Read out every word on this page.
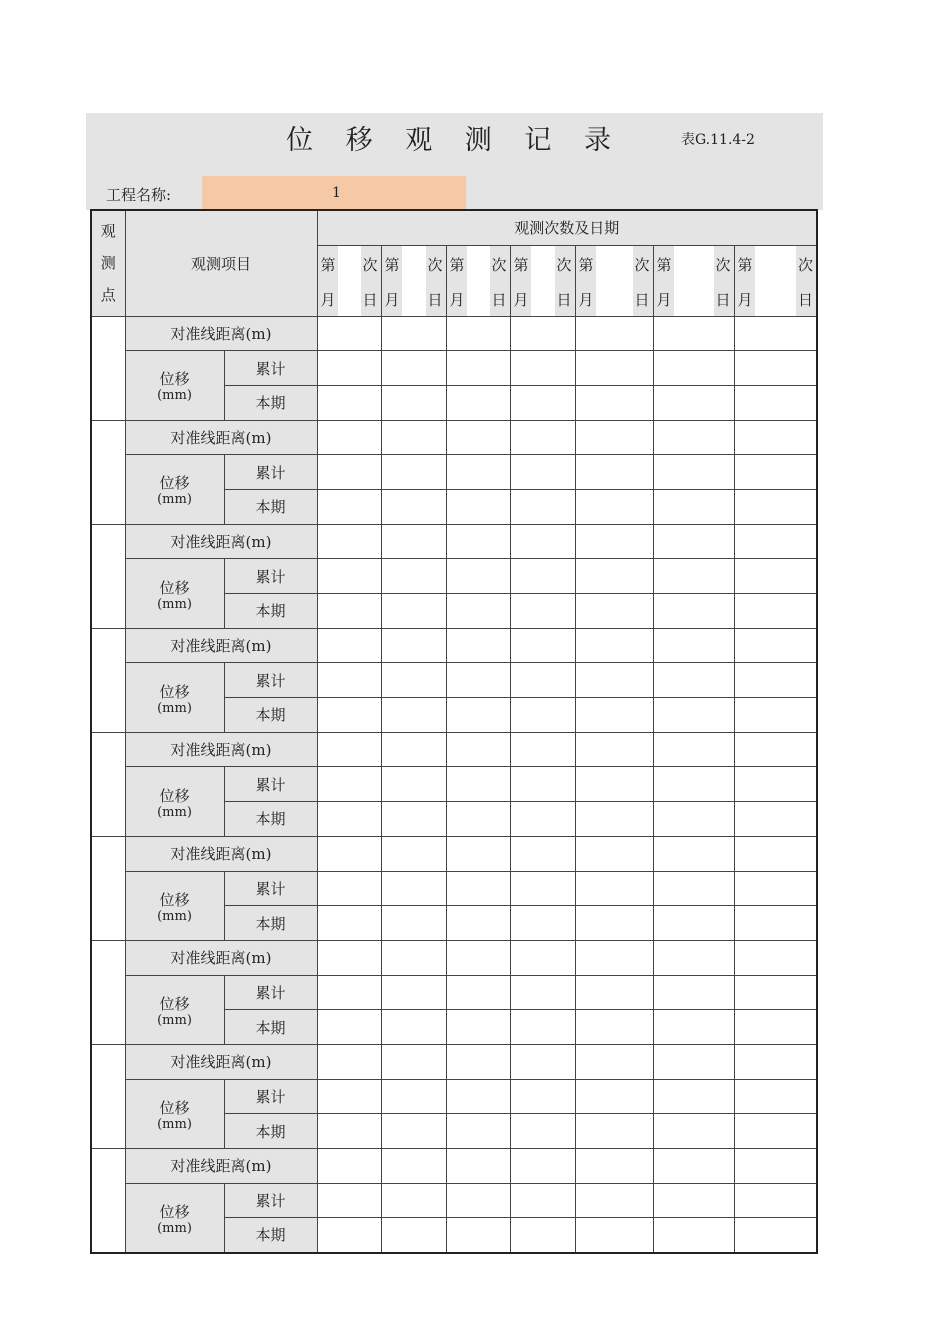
位 移 观 测 记 录	表G.11.4-2
工程名称:	1
观
测
点	观测项目		观测次数及日期						

			第 次
月 日	第 次
月 日	第 次
月 日	第 次
月 日	第 次
月 日	第 次
月 日	第 次
月 日

	对准线距离(m)								
	位移
(mm)	累计							
		本期							
	对准线距离(m)								
	位移
(mm)	累计							
		本期							
	对准线距离(m)								
	位移
(mm)	累计							
		本期							
	对准线距离(m)								
	位移
(mm)	累计							
		本期							
	对准线距离(m)								
	位移
(mm)	累计							
		本期							
	对准线距离(m)								
	位移
(mm)	累计							
		本期							
	对准线距离(m)								
	位移
(mm)	累计							
		本期							
	对准线距离(m)								
	位移
(mm)	累计							
		本期							
	对准线距离(m)								
	位移
(mm)	累计							
		本期							
